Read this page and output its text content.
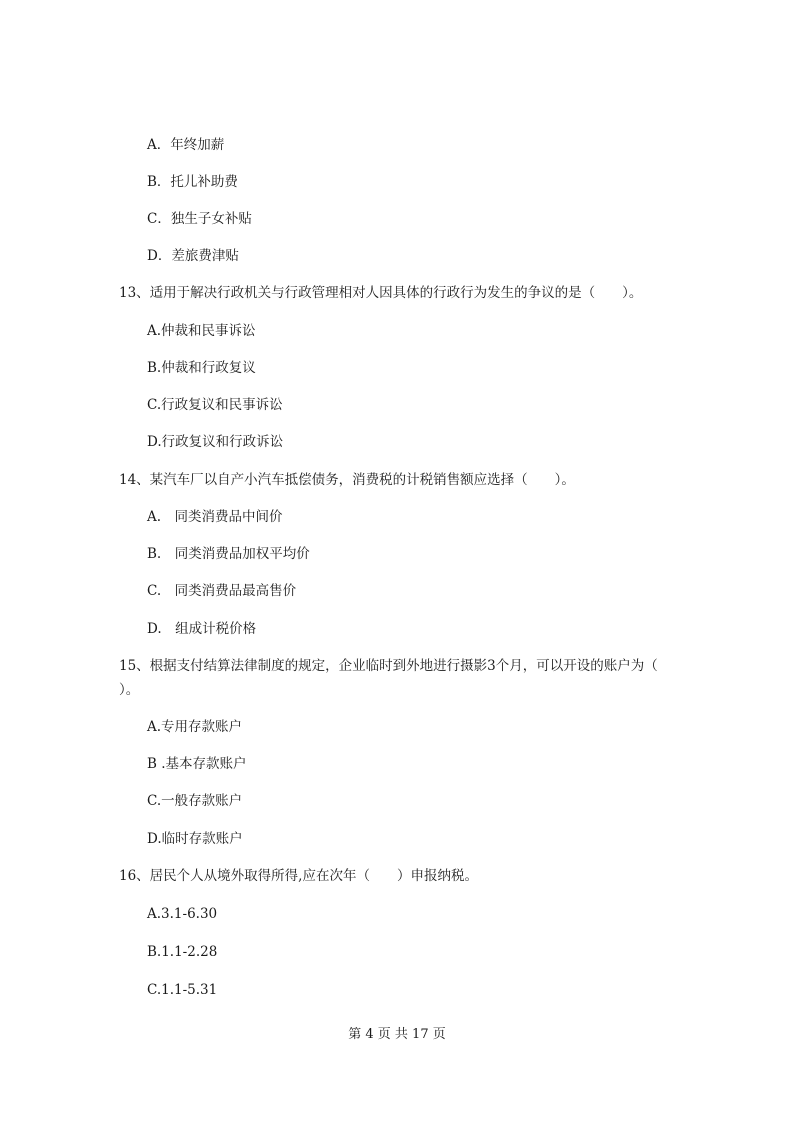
A．年终加薪
B．托儿补助费
C．独生子女补贴
D．差旅费津贴
13、适用于解决行政机关与行政管理相对人因具体的行政行为发生的争议的是（　　）。
A.仲裁和民事诉讼
B.仲裁和行政复议
C.行政复议和民事诉讼
D.行政复议和行政诉讼
14、某汽车厂以自产小汽车抵偿债务，消费税的计税销售额应选择（　　）。
A.　同类消费品中间价
B.　同类消费品加权平均价
C.　同类消费品最高售价
D.　组成计税价格
15、根据支付结算法律制度的规定，企业临时到外地进行摄影3个月，可以开设的账户为（
）。
A.专用存款账户
B .基本存款账户
C.一般存款账户
D.临时存款账户
16、居民个人从境外取得所得,应在次年（　　）申报纳税。
A.3.1-6.30
B.1.1-2.28
C.1.1-5.31
第 4 页 共 17 页
